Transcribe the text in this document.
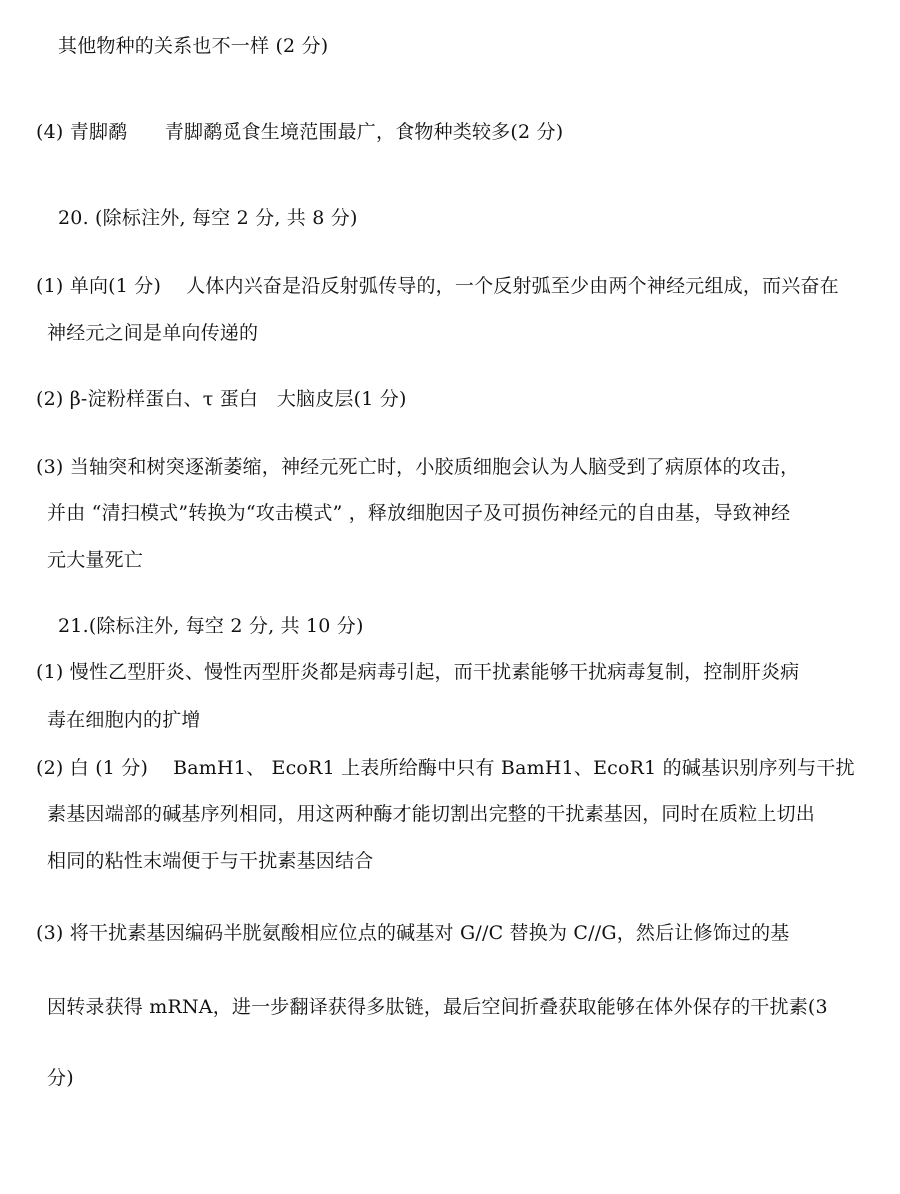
其他物种的关系也不一样 (2 分)
(4) 青脚鹬      青脚鹬觅食生境范围最广，食物种类较多(2 分)
20. (除标注外, 每空 2 分, 共 8 分)
(1) 单向(1 分)    人体内兴奋是沿反射弧传导的，一个反射弧至少由两个神经元组成，而兴奋在
神经元之间是单向传递的
(2) β-淀粉样蛋白、τ 蛋白   大脑皮层(1 分)
(3) 当轴突和树突逐渐萎缩，神经元死亡时，小胶质细胞会认为人脑受到了病原体的攻击，
并由 “清扫模式”转换为“攻击模式” ，释放细胞因子及可损伤神经元的自由基，导致神经
元大量死亡
21.(除标注外, 每空 2 分, 共 10 分)
(1) 慢性乙型肝炎、慢性丙型肝炎都是病毒引起，而干扰素能够干扰病毒复制，控制肝炎病
毒在细胞内的扩增
(2) 白 (1 分)    BamH1、 EcoR1 上表所给酶中只有 BamH1、EcoR1 的碱基识别序列与干扰
素基因端部的碱基序列相同，用这两种酶才能切割出完整的干扰素基因，同时在质粒上切出
相同的粘性末端便于与干扰素基因结合
(3) 将干扰素基因编码半胱氨酸相应位点的碱基对 G//C 替换为 C//G，然后让修饰过的基
因转录获得 mRNA，进一步翻译获得多肽链，最后空间折叠获取能够在体外保存的干扰素(3
分)
